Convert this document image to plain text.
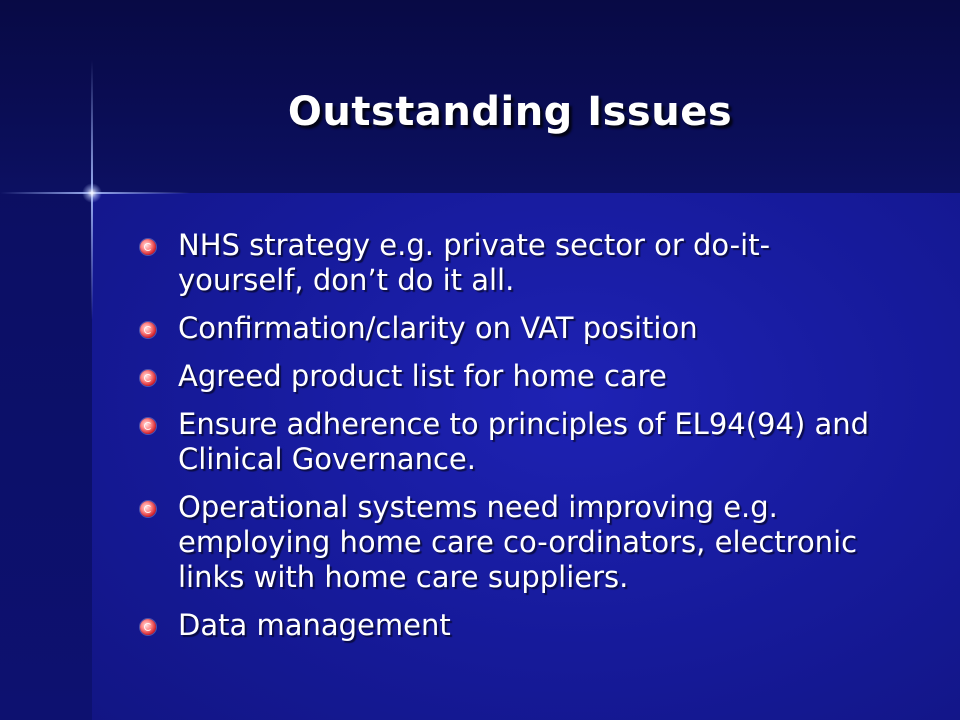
Outstanding Issues
NHS strategy e.g. private sector or do-it-yourself, don’t do it all.
Confirmation/clarity on VAT position
Agreed product list for home care
Ensure adherence to principles of EL94(94) and Clinical Governance.
Operational systems need improving e.g. employing home care co-ordinators, electronic links with home care suppliers.
Data management
